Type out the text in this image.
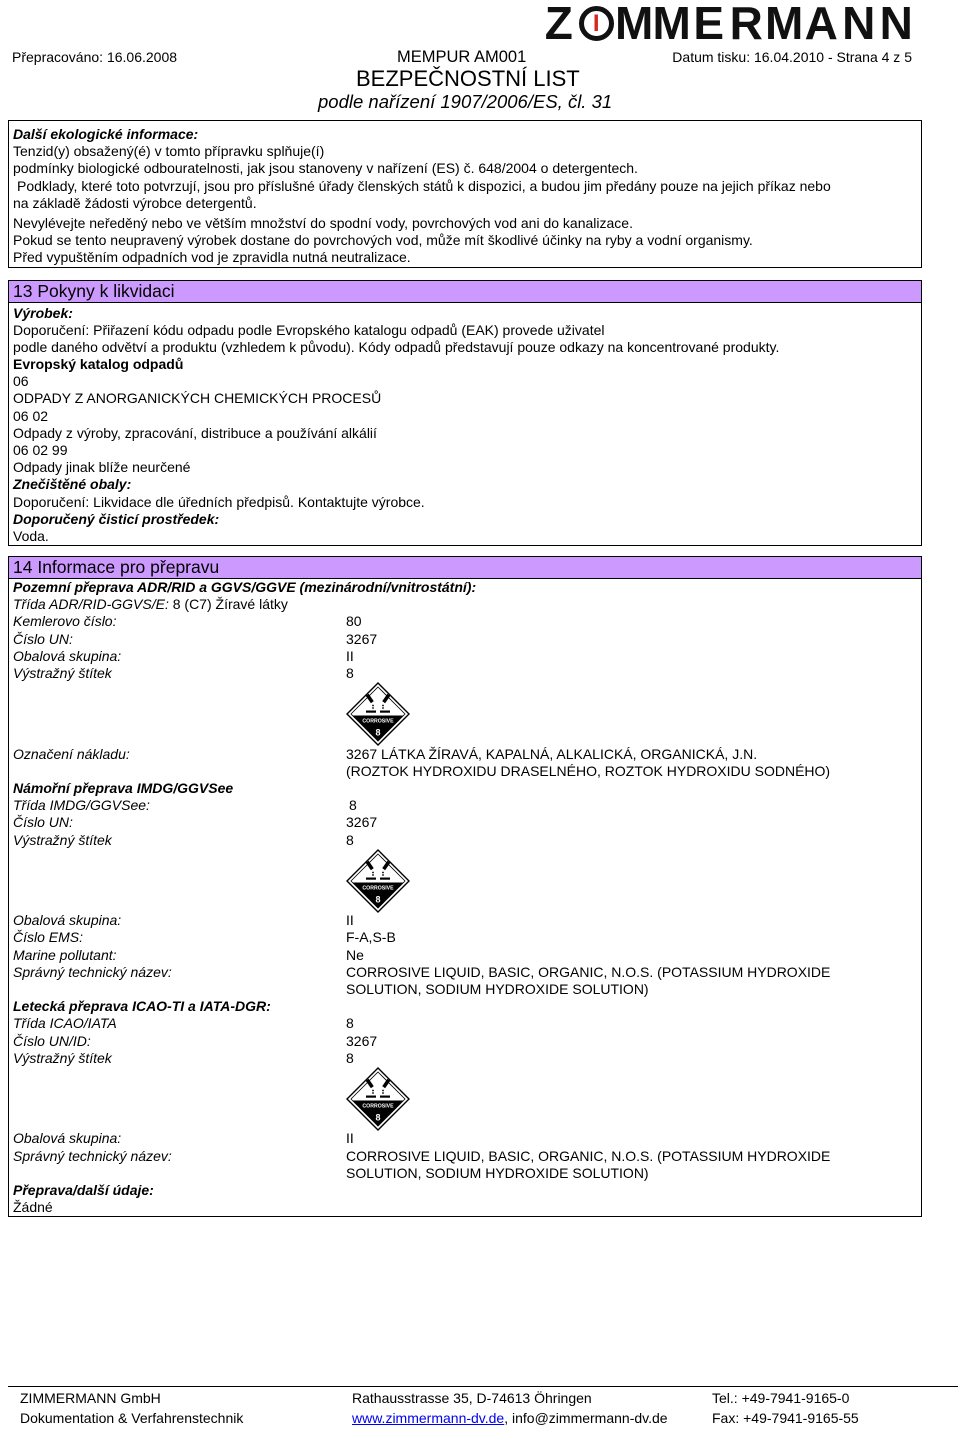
Z I M M E R M A N N
Přepracováno: 16.06.2008	MEMPUR AM001	Datum tisku: 16.04.2010 - Strana 4 z 5
BEZPEČNOSTNÍ LIST
podle nařízení 1907/2006/ES, čl. 31
Další ekologické informace:
Tenzid(y) obsažený(é) v tomto přípravku splňuje(í)
podmínky biologické odbouratelnosti, jak jsou stanoveny v nařízení (ES) č. 648/2004 o detergentech.
Podklady, které toto potvrzují, jsou pro příslušné úřady členských států k dispozici, a budou jim předány pouze na jejich příkaz nebo
na základě žádosti výrobce detergentů.
Nevylévejte neředěný nebo ve větším množství do spodní vody, povrchových vod ani do kanalizace.
Pokud se tento neupravený výrobek dostane do povrchových vod, může mít škodlivé účinky na ryby a vodní organismy.
Před vypuštěním odpadních vod je zpravidla nutná neutralizace.
13 Pokyny k likvidaci
Výrobek:
Doporučení: Přiřazení kódu odpadu podle Evropského katalogu odpadů (EAK) provede uživatel
podle daného odvětví a produktu (vzhledem k původu). Kódy odpadů představují pouze odkazy na koncentrované produkty.
Evropský katalog odpadů
06
ODPADY Z ANORGANICKÝCH CHEMICKÝCH PROCESŮ
06 02
Odpady z výroby, zpracování, distribuce a používání alkálií
06 02 99
Odpady jinak blíže neurčené
Znečištěné obaly:
Doporučení: Likvidace dle úředních předpisů. Kontaktujte výrobce.
Doporučený čisticí prostředek:
Voda.
14 Informace pro přepravu
Pozemní přeprava ADR/RID a GGVS/GGVE (mezinárodní/vnitrostátní):
Třída ADR/RID-GGVS/E: 8 (C7) Žíravé látky
Kemlerovo číslo:	80
Číslo UN:	3267
Obalová skupina:	II
Výstražný štítek	8
CORROSIVE
8
Označení nákladu:	3267 LÁTKA ŽÍRAVÁ, KAPALNÁ, ALKALICKÁ, ORGANICKÁ, J.N.
(ROZTOK HYDROXIDU DRASELNÉHO, ROZTOK HYDROXIDU SODNÉHO)
Námořní přeprava IMDG/GGVSee
Třída IMDG/GGVSee:	8
Číslo UN:	3267
Výstražný štítek	8
CORROSIVE
8
Obalová skupina:	II
Číslo EMS:	F-A,S-B
Marine pollutant:	Ne
Správný technický název:	CORROSIVE LIQUID, BASIC, ORGANIC, N.O.S. (POTASSIUM HYDROXIDE
SOLUTION, SODIUM HYDROXIDE SOLUTION)
Letecká přeprava ICAO-TI a IATA-DGR:
Třída ICAO/IATA	8
Číslo UN/ID:	3267
Výstražný štítek	8
CORROSIVE
8
Obalová skupina:	II
Správný technický název:	CORROSIVE LIQUID, BASIC, ORGANIC, N.O.S. (POTASSIUM HYDROXIDE
SOLUTION, SODIUM HYDROXIDE SOLUTION)
Přeprava/další údaje:
Žádné
ZIMMERMANN GmbH
Dokumentation & Verfahrenstechnik
Rathausstrasse 35, D-74613 Öhringen
www.zimmermann-dv.de, info@zimmermann-dv.de
Tel.: +49-7941-9165-0
Fax: +49-7941-9165-55
